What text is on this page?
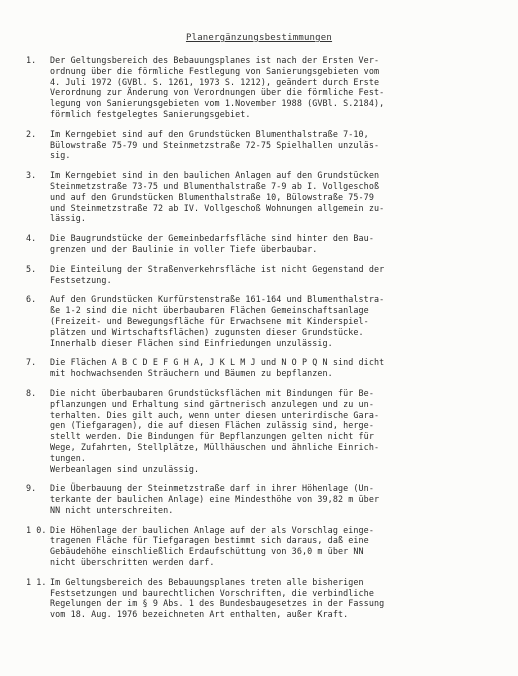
Planergänzungsbestimmungen
1.	Der Geltungsbereich des Bebauungsplanes ist nach der Ersten Ver-
ordnung über die förmliche Festlegung von Sanierungsgebieten vom
4. Juli 1972 (GVBl. S. 1261, 1973 S. 1212), geändert durch Erste
Verordnung zur Änderung von Verordnungen über die förmliche Fest-
legung von Sanierungsgebieten vom 1.November 1988 (GVBl. S.2184),
förmlich festgelegtes Sanierungsgebiet.
2.	Im Kerngebiet sind auf den Grundstücken Blumenthalstraße 7-10,
Bülowstraße 75-79 und Steinmetzstraße 72-75 Spielhallen unzuläs-
sig.
3.	Im Kerngebiet sind in den baulichen Anlagen auf den Grundstücken
Steinmetzstraße 73-75 und Blumenthalstraße 7-9 ab I. Vollgeschoß
und auf den Grundstücken Blumenthalstraße 10, Bülowstraße 75-79
und Steinmetzstraße 72 ab IV. Vollgeschoß Wohnungen allgemein zu-
lässig.
4.	Die Baugrundstücke der Gemeinbedarfsfläche sind hinter den Bau-
grenzen und der Baulinie in voller Tiefe überbaubar.
5.	Die Einteilung der Straßenverkehrsfläche ist nicht Gegenstand der
Festsetzung.
6.	Auf den Grundstücken Kurfürstenstraße 161-164 und Blumenthalstra-
ße 1-2 sind die nicht überbaubaren Flächen Gemeinschaftsanlage
(Freizeit- und Bewegungsfläche für Erwachsene mit Kinderspiel-
plätzen und Wirtschaftsflächen) zugunsten dieser Grundstücke.
Innerhalb dieser Flächen sind Einfriedungen unzulässig.
7.	Die Flächen A B C D E F G H A, J K L M J und N O P Q N sind dicht
mit hochwachsenden Sträuchern und Bäumen zu bepflanzen.
8.	Die nicht überbaubaren Grundstücksflächen mit Bindungen für Be-
pflanzungen und Erhaltung sind gärtnerisch anzulegen und zu un-
terhalten. Dies gilt auch, wenn unter diesen unterirdische Gara-
gen (Tiefgaragen), die auf diesen Flächen zulässig sind, herge-
stellt werden. Die Bindungen für Bepflanzungen gelten nicht für
Wege, Zufahrten, Stellplätze, Müllhäuschen und ähnliche Einrich-
tungen.
Werbeanlagen sind unzulässig.
9.	Die Überbauung der Steinmetzstraße darf in ihrer Höhenlage (Un-
terkante der baulichen Anlage) eine Mindesthöhe von 39,82 m über
NN nicht unterschreiten.
1 0. Die Höhenlage der baulichen Anlage auf der als Vorschlag einge-
tragenen Fläche für Tiefgaragen bestimmt sich daraus, daß eine
Gebäudehöhe einschließlich Erdaufschüttung von 36,0 m über NN
nicht überschritten werden darf.
1 1. Im Geltungsbereich des Bebauungsplanes treten alle bisherigen
Festsetzungen und baurechtlichen Vorschriften, die verbindliche
Regelungen der im § 9 Abs. 1 des Bundesbaugesetzes in der Fassung
vom 18. Aug. 1976 bezeichneten Art enthalten, außer Kraft.
